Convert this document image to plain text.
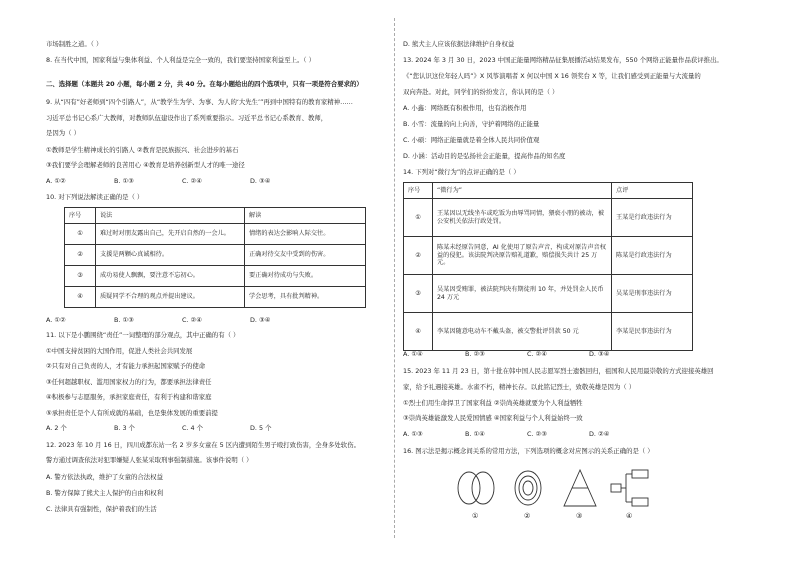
市场制胜之道。（ ）
8. 在当代中国，国家利益与集体利益、个人利益是完全一致的，我们要坚持国家利益至上。（ ）
二、选择题（本题共 20 小题，每小题 2 分，共 40 分。在每小题给出的四个选项中，只有一项是符合要求的）
9. 从“四有”好老师到“四个引路人”，从“教学生为学、为事、为人的‘大先生’”再到中国特有的教育家精神……
习近平总书记心系广大教师，对教师队伍建设作出了系列重要指示。习近平总书记心系教育、教师，
是因为（ ）
①教师是学生精神成长的引路人 ②教育是民族振兴、社会进步的基石
③我们要学会理解老师的良苦用心 ④教育是培养创新型人才的唯一途径
A. ①②	B. ①③	C. ②④	D. ③④
10. 对下列说法解读正确的是（ ）
序号	说法	解读
①	难过时对朋友露出自己，先开启自然的一会儿。	情绪的表达会影响人际交往。
②	支援是两颗心真诚相待。	正确对待交友中受到的伤害。
③	成功易使人飘飘，要注意不忘初心。	要正确对待成功与失败。
④	质疑同学不合理的观点并提出建议。	学会思考，具有批判精神。
A. ①②	B. ①③	C. ②④	D. ③④
11. 以下是小鹏围绕“责任”一词整理的部分观点，其中正确的有（ ）
①中国支持贫困的大国作用，促进人类社会共同发展
②只有对自己负责的人，才有能力承担起国家赋予的使命
③任何超越职权、滥用国家权力的行为，都要承担法律责任
④积极参与志愿服务，承担家庭责任，有利于构建和谐家庭
⑤承担责任是个人有所成就的基础，也是集体发展的重要前提
A. 2 个	B. 3 个	C. 4 个	D. 5 个
12. 2023 年 10 月 16 日，四川成都东站一名 2 岁多女童在 5 区内遭到陌生男子殴打致伤害，全身多处软伤。
警方通过调查依法对犯罪嫌疑人张某采取刑事强制措施。该事件说明（ ）
A. 警方依法执政，维护了女童的合法权益
B. 警方保障了熊犬主人保护的自由和权利
C. 法律具有强制性，保护着我们的生活
D. 熊犬主人应该依据法律维护自身权益
13. 2024 年 3 月 30 日，2023 中国正能量网络精品征集展播活动结果发布，550 个网络正能量作品获评推出。
《“您认识这位年轻人吗”》X 风筝演唱者 X 何以中国 X 16 领奖台 X 等，让我们感受到正能量与大流量的
双向奔赴。对此，同学们的纷纷发言，你认同的是（ ）
A. 小鑫：网络既有积极作用，也有消极作用
B. 小雪：流量的向上向善，守护着网络的正能量
C. 小硕：网络正能量就是着全体人民共同价值观
D. 小涵：活动目的是弘扬社会正能量，提高作品的知名度
14. 下列对“微行为”的点评正确的是（ ）
序号	“微行为”	点评
①	王某因以无线坐车或吃饭为由辱骂同情，猥亵小朋的被动，被公安机关依法行政处罚。	王某是行政违法行为
②	陈某未经原告同意，AI 化使用了原告声音，构成对原告声音权益的侵犯。该法院判决原告赔礼道歉，赔偿损失共计 25 万元。	陈某是行政违法行为
③	吴某因受贿罪，被法院判决有期徒刑 10 年，并处罚金人民币 24 万元	吴某是刑事违法行为
④	李某因随意电动车不戴头盔，被交警批评罚款 50 元	李某是民事违法行为
A. ①④	B. ②③	C. ②④	D. ③④
15. 2023 年 11 月 23 日，第十批在韩中国人民志愿军烈士遗骸回归，祖国和人民用最崇敬的方式迎接英雄回
家，给予礼遇接英雄。水雀不朽，精神长存。以此铭记烈士，致敬英雄是因为（ ）
①烈士们用生命捍卫了国家利益 ②崇尚英雄就要为个人利益牺牲
③崇尚英雄能激发人民爱国情感 ④国家利益与个人利益始终一致
A. ①③	B. ①④	C. ②③	D. ②④
16. 图示法是揭示概念间关系的常用方法，下列选项的概念对应图示的关系正确的是（ ）
①	②	③	④
